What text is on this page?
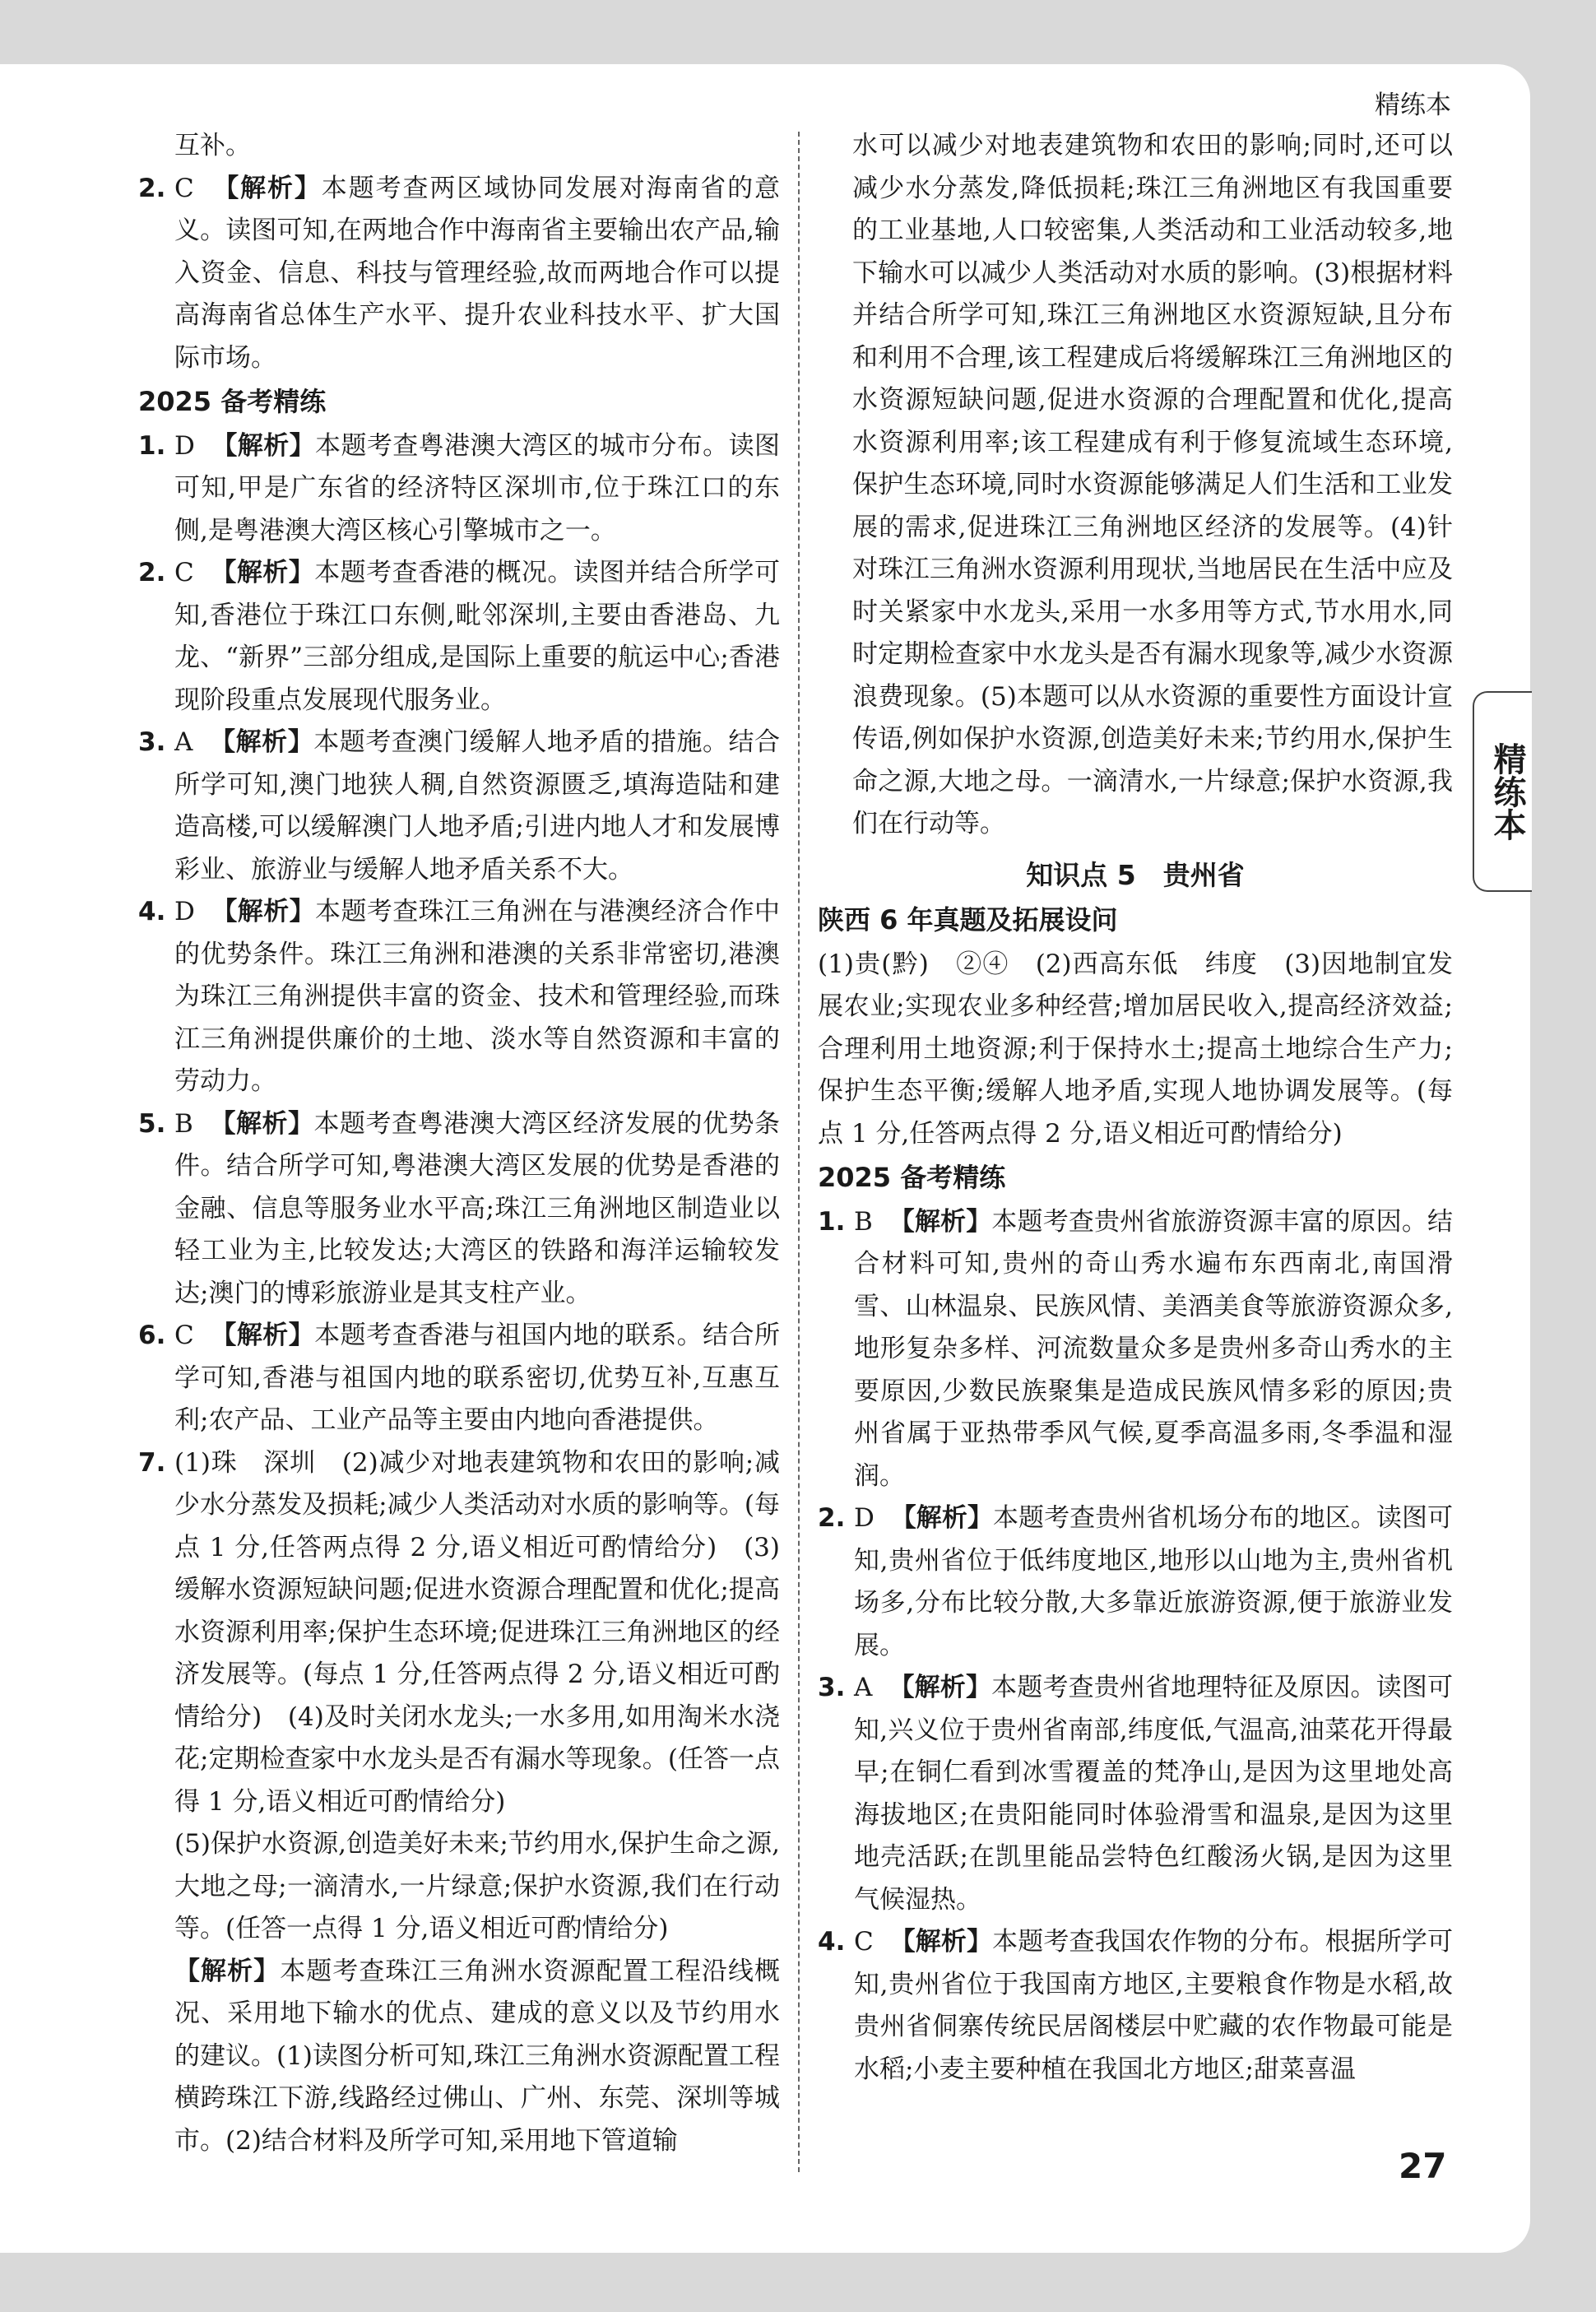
精练本

互补。

2. C 【解析】本题考查两区域协同发展对海南省的意义。读图可知,在两地合作中海南省主要输出农产品,输入资金、信息、科技与管理经验,故而两地合作可以提高海南省总体生产水平、提升农业科技水平、扩大国际市场。

2025 备考精练

1. D 【解析】本题考查粤港澳大湾区的城市分布。读图可知,甲是广东省的经济特区深圳市,位于珠江口的东侧,是粤港澳大湾区核心引擎城市之一。

2. C 【解析】本题考查香港的概况。读图并结合所学可知,香港位于珠江口东侧,毗邻深圳,主要由香港岛、九龙、“新界”三部分组成,是国际上重要的航运中心;香港现阶段重点发展现代服务业。

3. A 【解析】本题考查澳门缓解人地矛盾的措施。结合所学可知,澳门地狭人稠,自然资源匮乏,填海造陆和建造高楼,可以缓解澳门人地矛盾;引进内地人才和发展博彩业、旅游业与缓解人地矛盾关系不大。

4. D 【解析】本题考查珠江三角洲在与港澳经济合作中的优势条件。珠江三角洲和港澳的关系非常密切,港澳为珠江三角洲提供丰富的资金、技术和管理经验,而珠江三角洲提供廉价的土地、淡水等自然资源和丰富的劳动力。

5. B 【解析】本题考查粤港澳大湾区经济发展的优势条件。结合所学可知,粤港澳大湾区发展的优势是香港的金融、信息等服务业水平高;珠江三角洲地区制造业以轻工业为主,比较发达;大湾区的铁路和海洋运输较发达;澳门的博彩旅游业是其支柱产业。

6. C 【解析】本题考查香港与祖国内地的联系。结合所学可知,香港与祖国内地的联系密切,优势互补,互惠互利;农产品、工业产品等主要由内地向香港提供。

7. (1)珠　深圳　(2)减少对地表建筑物和农田的影响;减少水分蒸发及损耗;减少人类活动对水质的影响等。(每点 1 分,任答两点得 2 分,语义相近可酌情给分)　(3)缓解水资源短缺问题;促进水资源合理配置和优化;提高水资源利用率;保护生态环境;促进珠江三角洲地区的经济发展等。(每点 1 分,任答两点得 2 分,语义相近可酌情给分)　(4)及时关闭水龙头;一水多用,如用淘米水浇花;定期检查家中水龙头是否有漏水等现象。(任答一点得 1 分,语义相近可酌情给分)

(5)保护水资源,创造美好未来;节约用水,保护生命之源,大地之母;一滴清水,一片绿意;保护水资源,我们在行动等。(任答一点得 1 分,语义相近可酌情给分)

【解析】本题考查珠江三角洲水资源配置工程沿线概况、采用地下输水的优点、建成的意义以及节约用水的建议。(1)读图分析可知,珠江三角洲水资源配置工程横跨珠江下游,线路经过佛山、广州、东莞、深圳等城市。(2)结合材料及所学可知,采用地下管道输

水可以减少对地表建筑物和农田的影响;同时,还可以减少水分蒸发,降低损耗;珠江三角洲地区有我国重要的工业基地,人口较密集,人类活动和工业活动较多,地下输水可以减少人类活动对水质的影响。(3)根据材料并结合所学可知,珠江三角洲地区水资源短缺,且分布和利用不合理,该工程建成后将缓解珠江三角洲地区的水资源短缺问题,促进水资源的合理配置和优化,提高水资源利用率;该工程建成有利于修复流域生态环境,保护生态环境,同时水资源能够满足人们生活和工业发展的需求,促进珠江三角洲地区经济的发展等。(4)针对珠江三角洲水资源利用现状,当地居民在生活中应及时关紧家中水龙头,采用一水多用等方式,节水用水,同时定期检查家中水龙头是否有漏水现象等,减少水资源浪费现象。(5)本题可以从水资源的重要性方面设计宣传语,例如保护水资源,创造美好未来;节约用水,保护生命之源,大地之母。一滴清水,一片绿意;保护水资源,我们在行动等。

知识点 5　贵州省
陕西 6 年真题及拓展设问

(1)贵(黔)　②④　(2)西高东低　纬度　(3)因地制宜发展农业;实现农业多种经营;增加居民收入,提高经济效益;合理利用土地资源;利于保持水土;提高土地综合生产力;保护生态平衡;缓解人地矛盾,实现人地协调发展等。(每点 1 分,任答两点得 2 分,语义相近可酌情给分)

2025 备考精练

1. B 【解析】本题考查贵州省旅游资源丰富的原因。结合材料可知,贵州的奇山秀水遍布东西南北,南国滑雪、山林温泉、民族风情、美酒美食等旅游资源众多,地形复杂多样、河流数量众多是贵州多奇山秀水的主要原因,少数民族聚集是造成民族风情多彩的原因;贵州省属于亚热带季风气候,夏季高温多雨,冬季温和湿润。

2. D 【解析】本题考查贵州省机场分布的地区。读图可知,贵州省位于低纬度地区,地形以山地为主,贵州省机场多,分布比较分散,大多靠近旅游资源,便于旅游业发展。

3. A 【解析】本题考查贵州省地理特征及原因。读图可知,兴义位于贵州省南部,纬度低,气温高,油菜花开得最早;在铜仁看到冰雪覆盖的梵净山,是因为这里地处高海拔地区;在贵阳能同时体验滑雪和温泉,是因为这里地壳活跃;在凯里能品尝特色红酸汤火锅,是因为这里气候湿热。

4. C 【解析】本题考查我国农作物的分布。根据所学可知,贵州省位于我国南方地区,主要粮食作物是水稻,故贵州省侗寨传统民居阁楼层中贮藏的农作物最可能是水稻;小麦主要种植在我国北方地区;甜菜喜温

精练本
27
